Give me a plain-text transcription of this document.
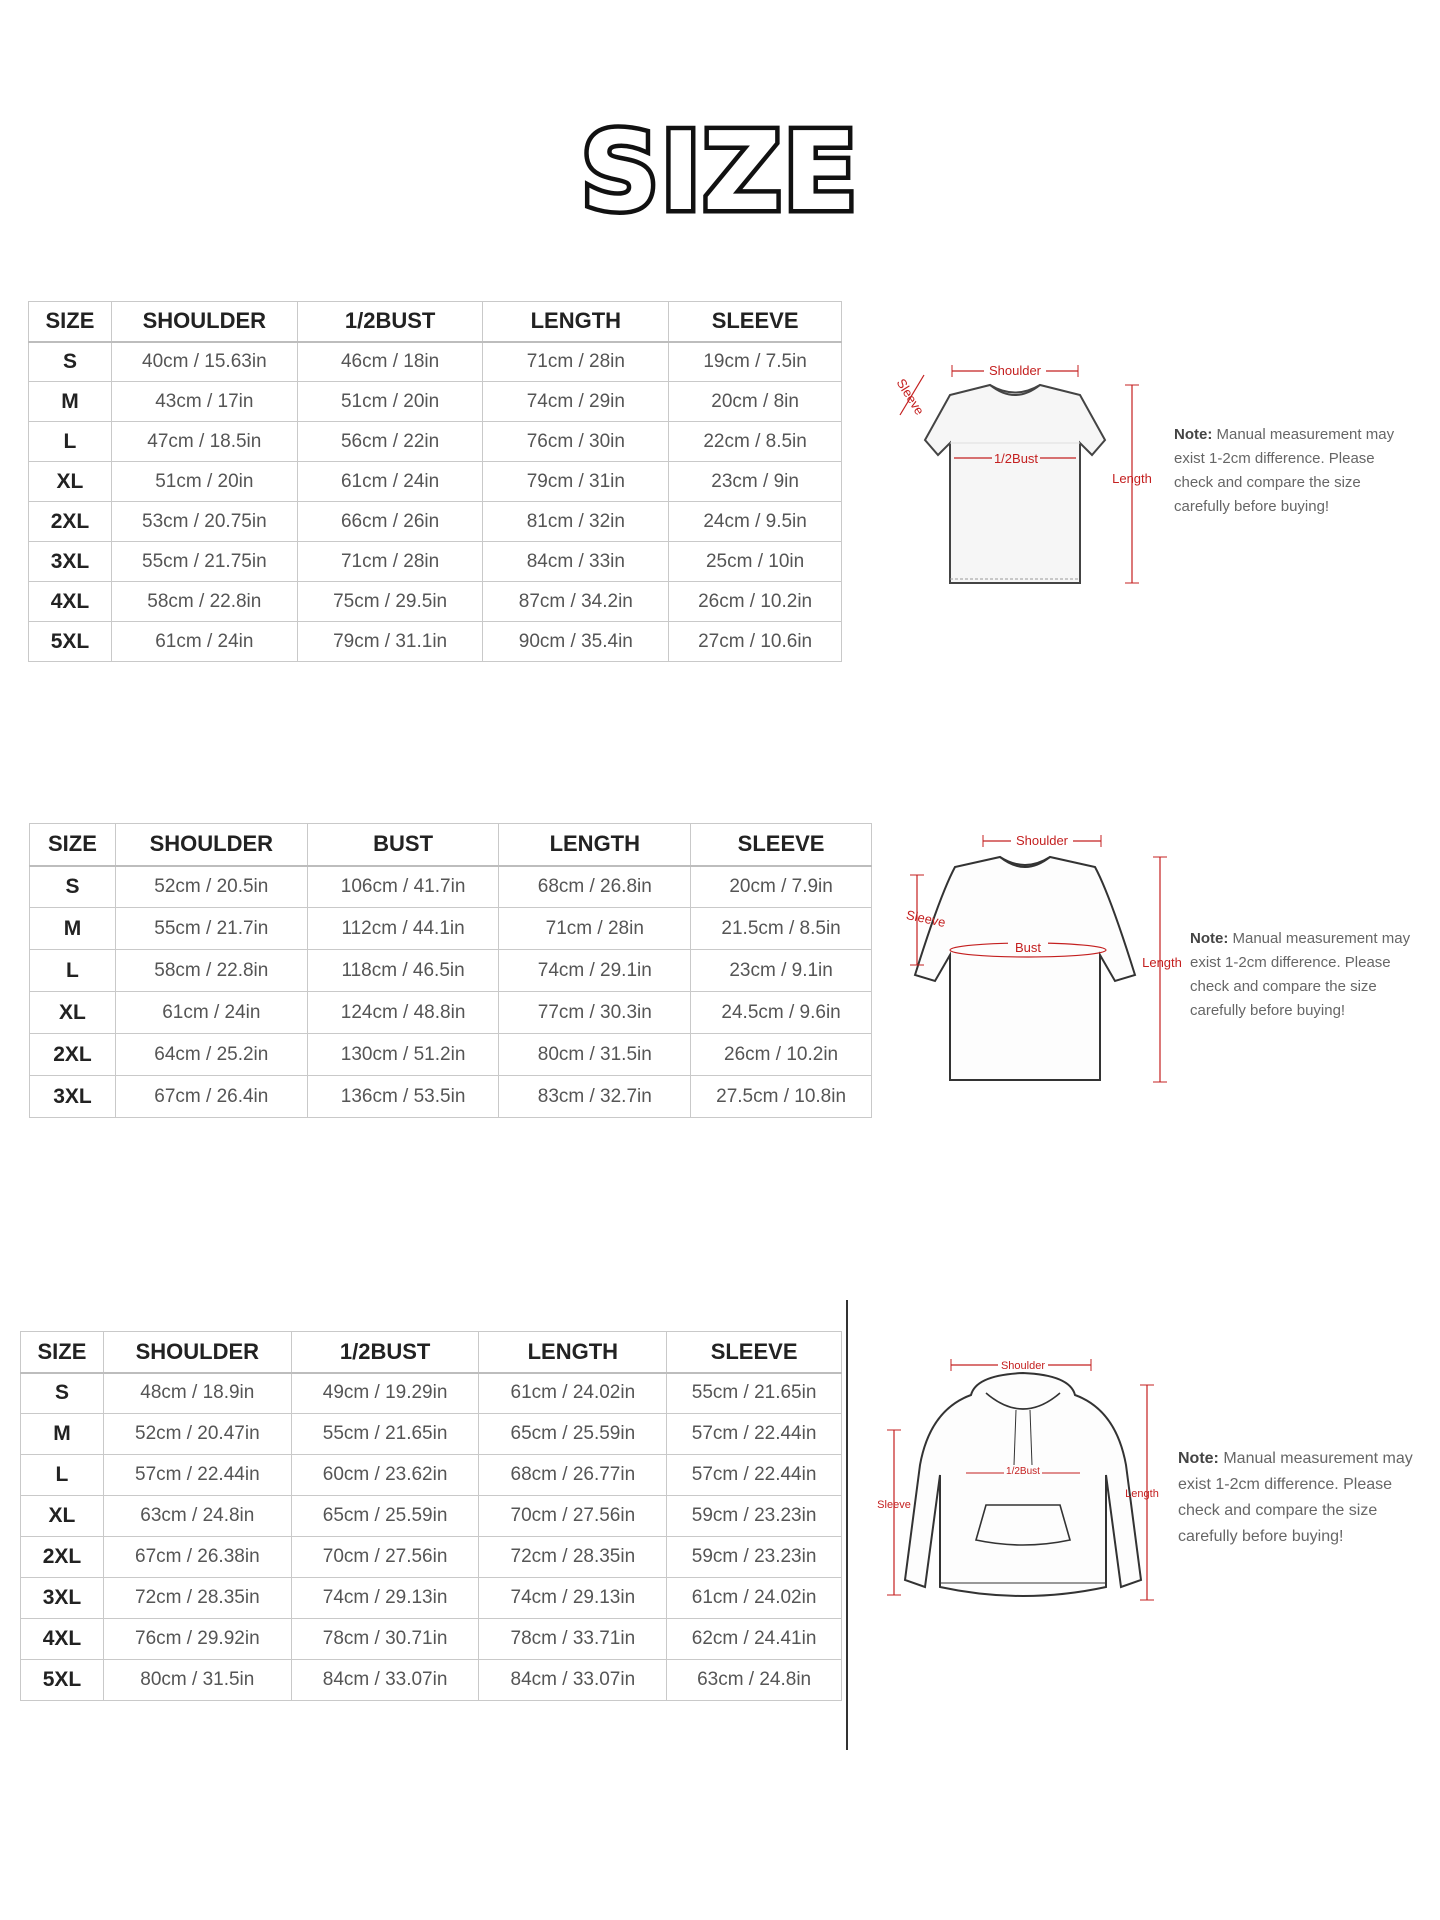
SIZE
SIZE	SHOULDER	1/2BUST	LENGTH	SLEEVE
S	40cm / 15.63in	46cm / 18in	71cm / 28in	19cm / 7.5in
M	43cm / 17in	51cm / 20in	74cm / 29in	20cm / 8in
L	47cm / 18.5in	56cm / 22in	76cm / 30in	22cm / 8.5in
XL	51cm / 20in	61cm / 24in	79cm / 31in	23cm / 9in
2XL	53cm / 20.75in	66cm / 26in	81cm / 32in	24cm / 9.5in
3XL	55cm / 21.75in	71cm / 28in	84cm / 33in	25cm / 10in
4XL	58cm / 22.8in	75cm / 29.5in	87cm / 34.2in	26cm / 10.2in
5XL	61cm / 24in	79cm / 31.1in	90cm / 35.4in	27cm / 10.6in
SIZE	SHOULDER	BUST	LENGTH	SLEEVE
S	52cm / 20.5in	106cm / 41.7in	68cm / 26.8in	20cm / 7.9in
M	55cm / 21.7in	112cm / 44.1in	71cm / 28in	21.5cm / 8.5in
L	58cm / 22.8in	118cm / 46.5in	74cm / 29.1in	23cm / 9.1in
XL	61cm / 24in	124cm / 48.8in	77cm / 30.3in	24.5cm / 9.6in
2XL	64cm / 25.2in	130cm / 51.2in	80cm / 31.5in	26cm / 10.2in
3XL	67cm / 26.4in	136cm / 53.5in	83cm / 32.7in	27.5cm / 10.8in
SIZE	SHOULDER	1/2BUST	LENGTH	SLEEVE
S	48cm / 18.9in	49cm / 19.29in	61cm / 24.02in	55cm / 21.65in
M	52cm / 20.47in	55cm / 21.65in	65cm / 25.59in	57cm / 22.44in
L	57cm / 22.44in	60cm / 23.62in	68cm / 26.77in	57cm / 22.44in
XL	63cm / 24.8in	65cm / 25.59in	70cm / 27.56in	59cm / 23.23in
2XL	67cm / 26.38in	70cm / 27.56in	72cm / 28.35in	59cm / 23.23in
3XL	72cm / 28.35in	74cm / 29.13in	74cm / 29.13in	61cm / 24.02in
4XL	76cm / 29.92in	78cm / 30.71in	78cm / 33.71in	62cm / 24.41in
5XL	80cm / 31.5in	84cm / 33.07in	84cm / 33.07in	63cm / 24.8in
Shoulder
1/2Bust
Length
Sleeve
Note: Manual measurement may exist 1-2cm difference. Please check and compare the size carefully before buying!
Shoulder
Bust
Length
Sleeve
Note: Manual measurement may exist 1-2cm difference. Please check and compare the size carefully before buying!
Shoulder
1/2Bust
Length
Sleeve
Note: Manual measurement may exist 1-2cm difference. Please check and compare the size carefully before buying!
